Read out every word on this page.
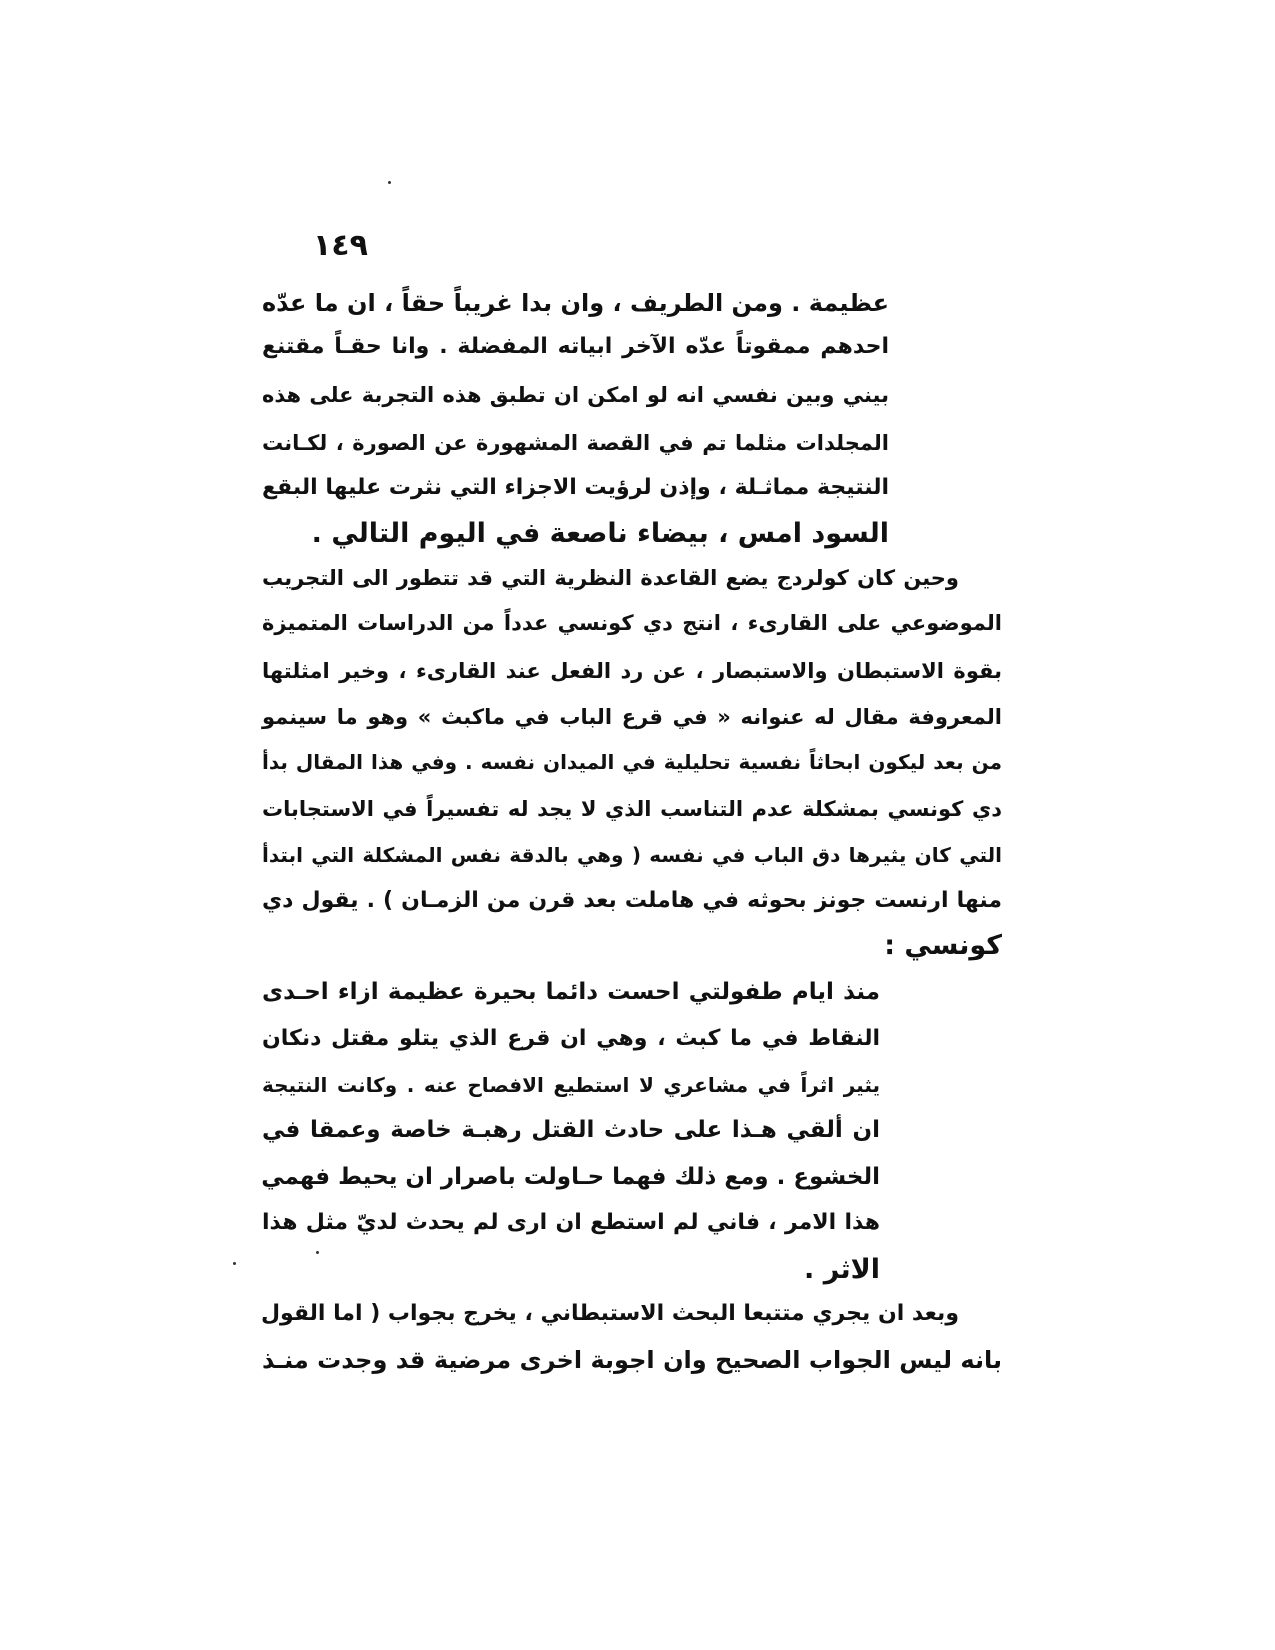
١٤٩
عظيمة . ومن الطريف ، وان بدا غريباً حقاً ، ان ما عدّه
احدهم ممقوتاً عدّه الآخر ابياته المفضلة . وانا حقـاً مقتنع
بيني وبين نفسي انه لو امكن ان تطبق هذه التجربة على هذه
المجلدات مثلما تم في القصة المشهورة عن الصورة ، لكـانت
النتيجة مماثـلة ، وإذن لرؤيت الاجزاء التي نثرت عليها البقع
السود امس ، بيضاء ناصعة في اليوم التالي .
وحين كان كولردج يضع القاعدة النظرية التي قد تتطور الى التجريب
الموضوعي على القارىء ، انتج دي كونسي عدداً من الدراسات المتميزة
بقوة الاستبطان والاستبصار ، عن رد الفعل عند القارىء ، وخير امثلتها
المعروفة مقال له عنوانه « في قرع الباب في ماكبث » وهو ما سينمو
من بعد ليكون ابحاثاً نفسية تحليلية في الميدان نفسه . وفي هذا المقال بدأ
دي كونسي بمشكلة عدم التناسب الذي لا يجد له تفسيراً في الاستجابات
التي كان يثيرها دق الباب في نفسه ( وهي بالدقة نفس المشكلة التي ابتدأ
منها ارنست جونز بحوثه في هاملت بعد قرن من الزمـان ) . يقول دي
كونسي :
منذ ايام طفولتي احست دائما بحيرة عظيمة ازاء احـدى
النقاط في ما كبث ، وهي ان قرع الذي يتلو مقتل دنكان
يثير اثراً في مشاعري لا استطيع الافصاح عنه . وكانت النتيجة
ان ألقي هـذا على حادث القتل رهبـة خاصة وعمقا في
الخشوع . ومع ذلك فهما حـاولت باصرار ان يحيط فهمي
هذا الامر ، فاني لم استطع ان ارى لم يحدث لديّ مثل هذا
الاثر .
وبعد ان يجري متتبعا البحث الاستبطاني ، يخرج بجواب ( اما القول
بانه ليس الجواب الصحيح وان اجوبة اخرى مرضية قد وجدت منـذ
